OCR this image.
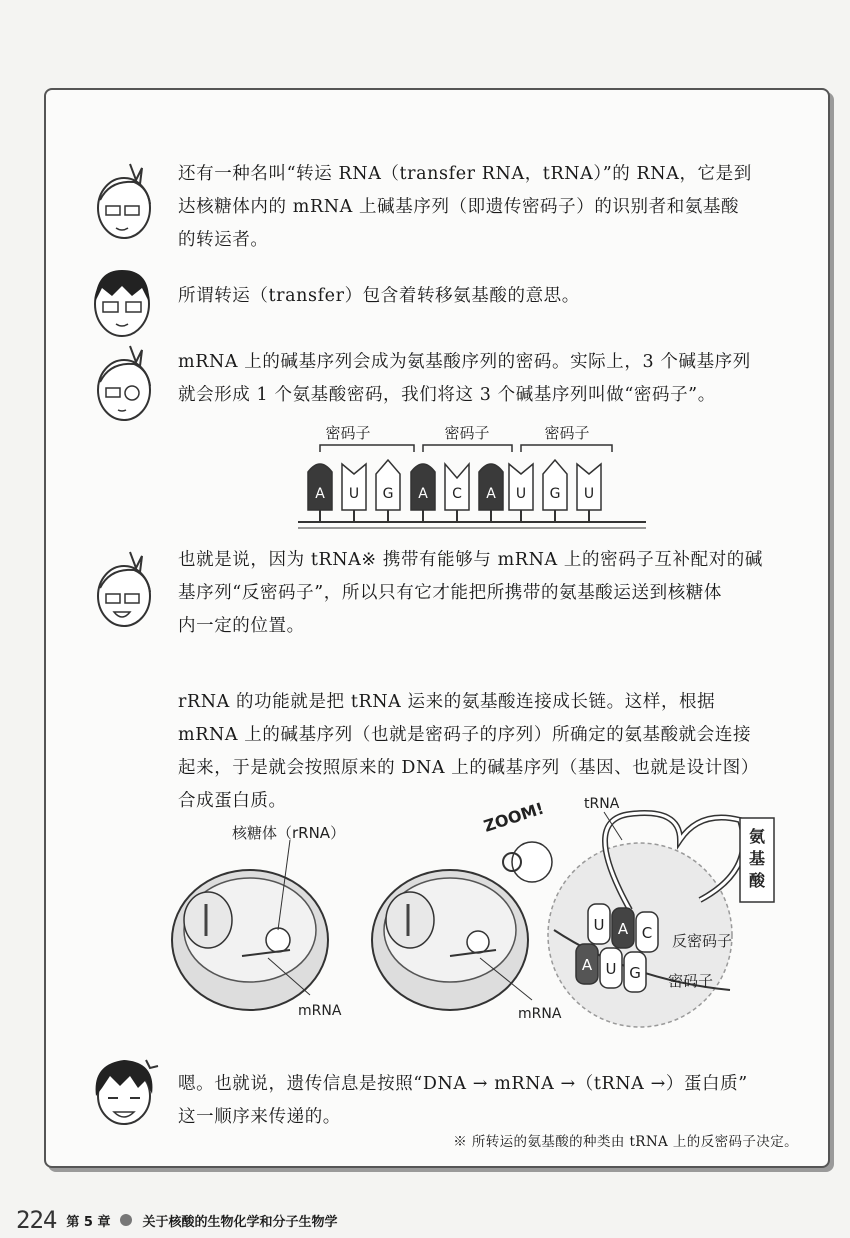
还有一种名叫“转运 RNA（transfer RNA，tRNA）”的 RNA，它是到
达核糖体内的 mRNA 上碱基序列（即遗传密码子）的识别者和氨基酸
的转运者。
所谓转运（transfer）包含着转移氨基酸的意思。
mRNA 上的碱基序列会成为氨基酸序列的密码。实际上，3 个碱基序列
就会形成 1 个氨基酸密码，我们将这 3 个碱基序列叫做“密码子”。
密码子	密码子	密码子
A U G A C A U G U
也就是说，因为 tRNA※ 携带有能够与 mRNA 上的密码子互补配对的碱
基序列“反密码子”，所以只有它才能把所携带的氨基酸运送到核糖体
内一定的位置。
rRNA 的功能就是把 tRNA 运来的氨基酸连接成长链。这样，根据
mRNA 上的碱基序列（也就是密码子的序列）所确定的氨基酸就会连接
起来，于是就会按照原来的 DNA 上的碱基序列（基因、也就是设计图）
合成蛋白质。
核糖体（rRNA）
mRNA	mRNA
tRNA
氨
基
酸
U A C
A U G
反密码子
密码子
ZOOM!
嗯。也就说，遗传信息是按照“DNA → mRNA →（tRNA →）蛋白质”
这一顺序来传递的。
※ 所转运的氨基酸的种类由 tRNA 上的反密码子决定。
224 第 5 章 关于核酸的生物化学和分子生物学
